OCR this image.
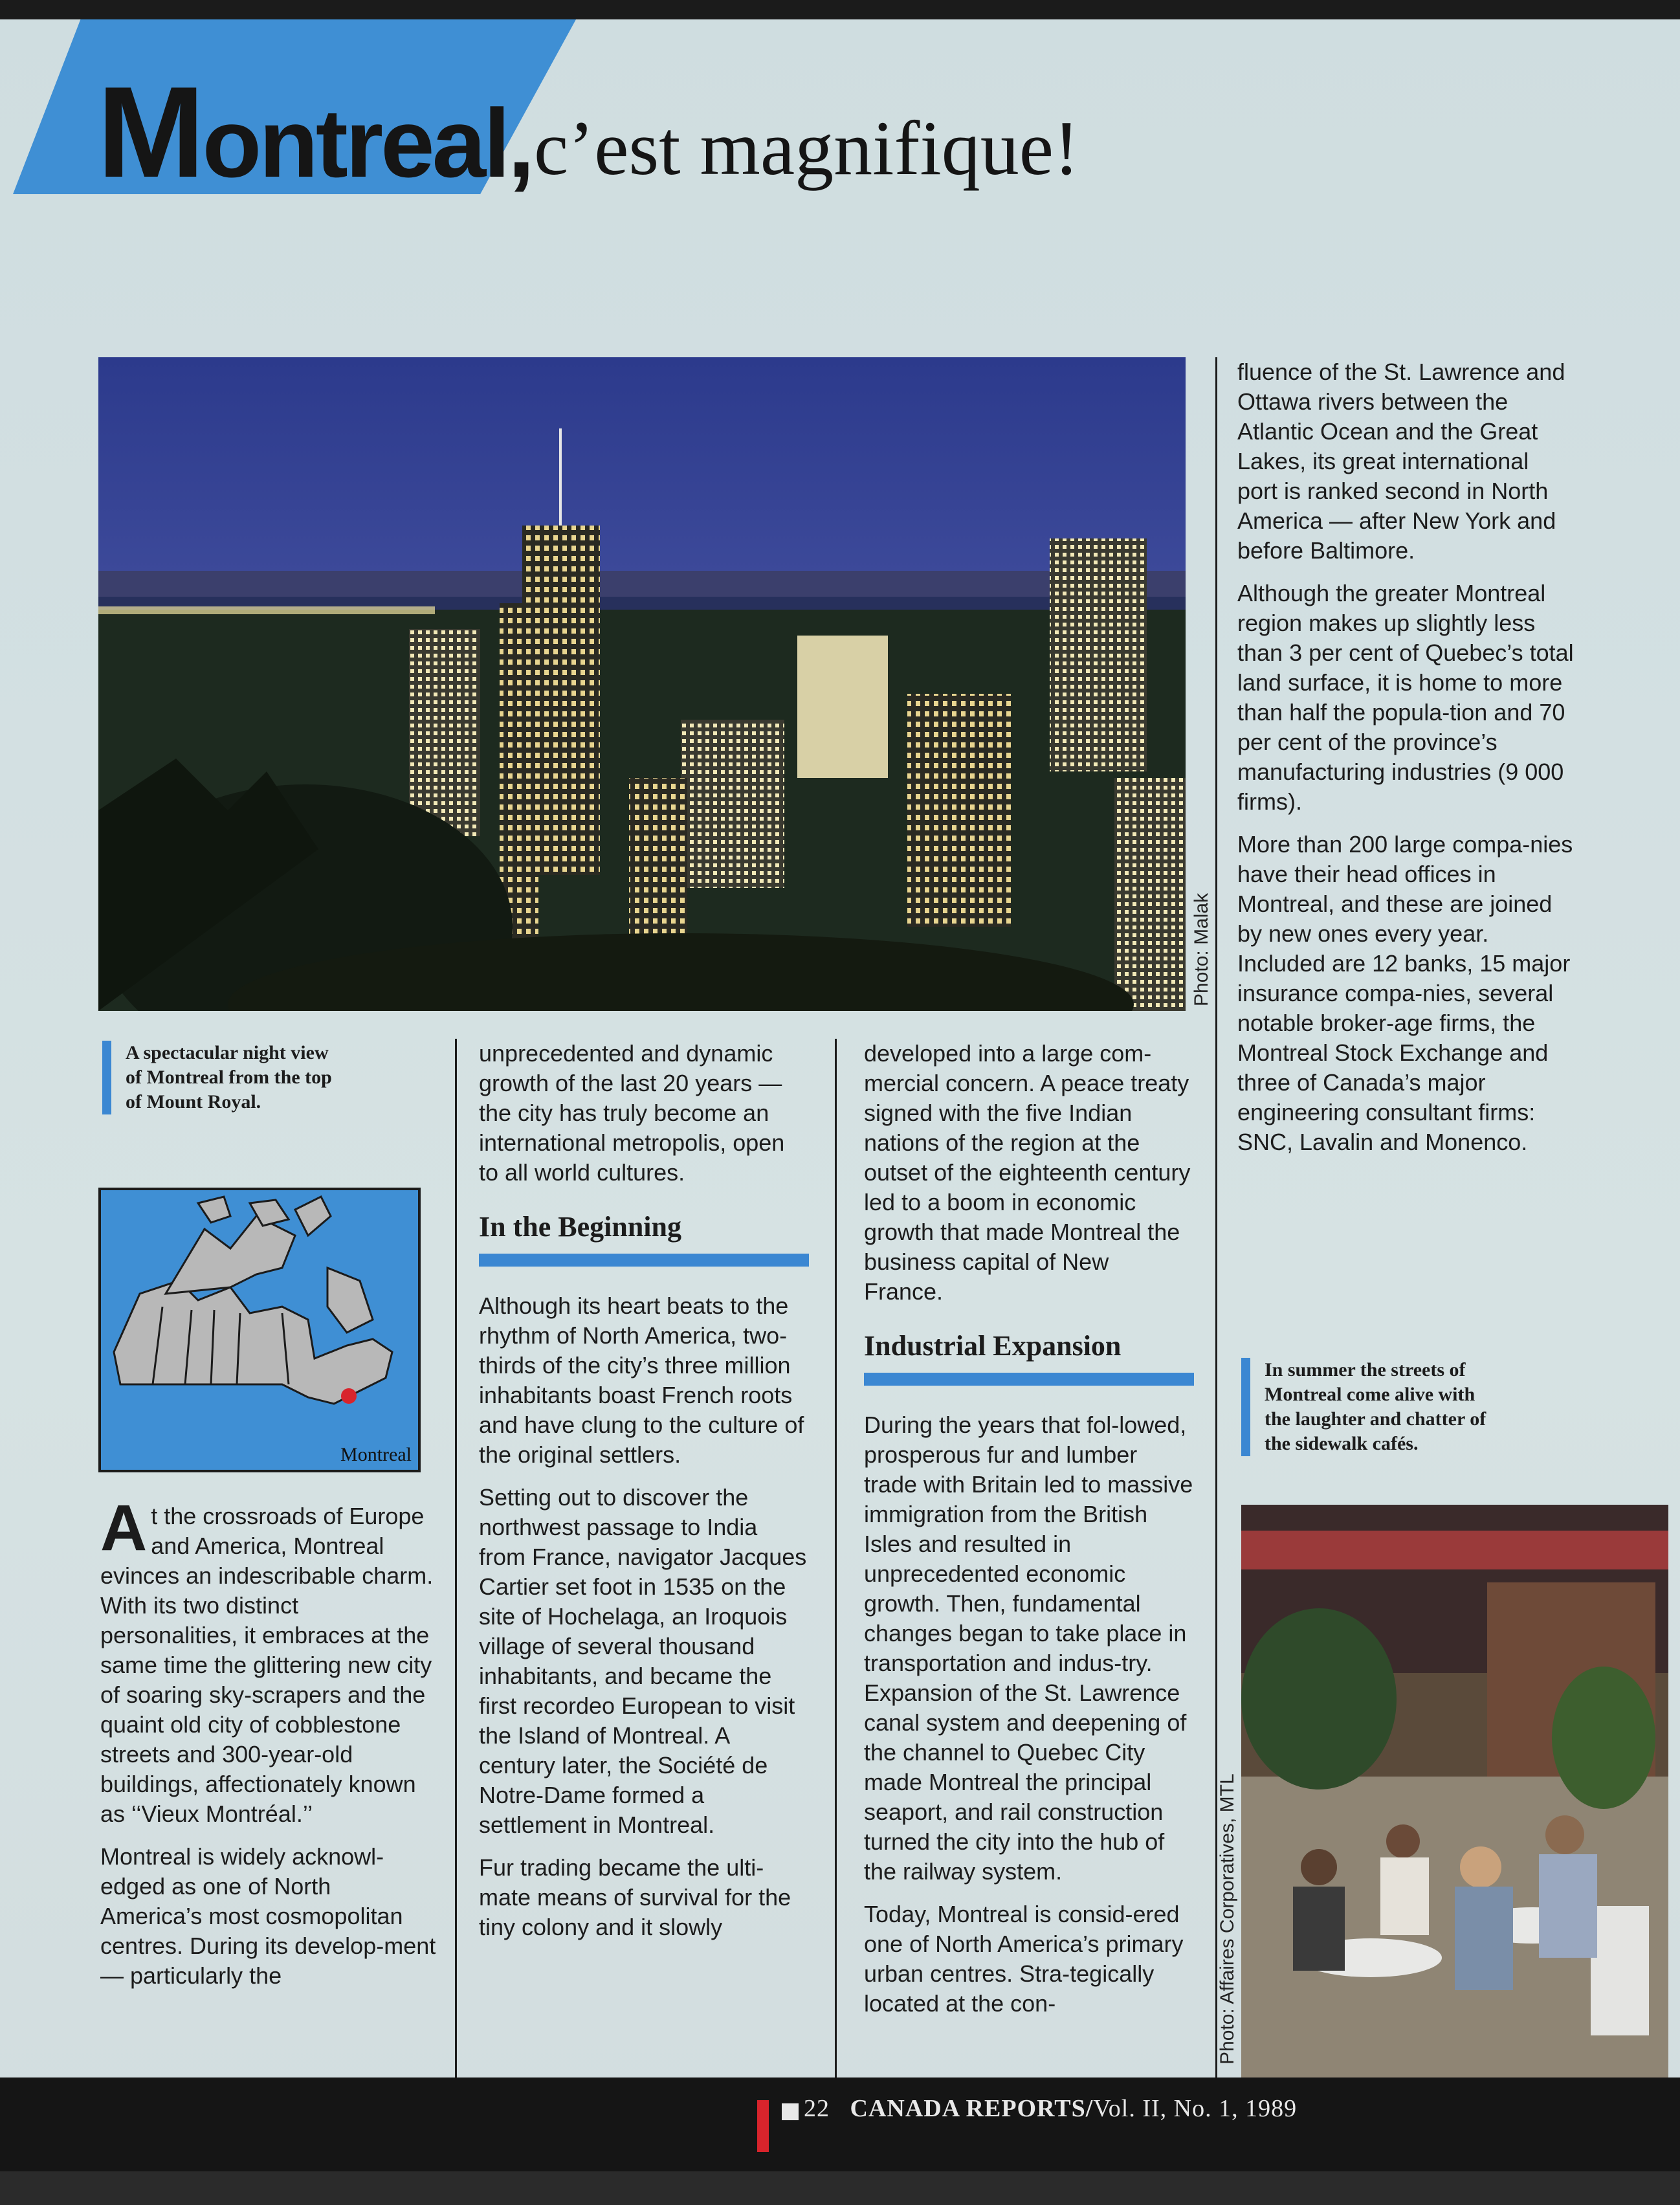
Montreal, c’est magnifique!
Photo: Malak
A spectacular night view of Montreal from the top of Mount Royal.
Montreal

At the crossroads of Europe and America, Montreal evinces an indescribable charm. With its two distinct personalities, it embraces at the same time the glittering new city of soaring sky-scrapers and the quaint old city of cobblestone streets and 300-year-old buildings, affectionately known as ‘‘Vieux Montréal.’’

Montreal is widely acknowl-edged as one of North America’s most cosmopolitan centres. During its develop-ment — particularly the

unprecedented and dynamic growth of the last 20 years — the city has truly become an international metropolis, open to all world cultures.

In the Beginning

Although its heart beats to the rhythm of North America, two-thirds of the city’s three million inhabitants boast French roots and have clung to the culture of the original settlers.

Setting out to discover the northwest passage to India from France, navigator Jacques Cartier set foot in 1535 on the site of Hochelaga, an Iroquois village of several thousand inhabitants, and became the first recordeo European to visit the Island of Montreal. A century later, the Société de Notre-Dame formed a settlement in Montreal.

Fur trading became the ulti-mate means of survival for the tiny colony and it slowly

developed into a large com-mercial concern. A peace treaty signed with the five Indian nations of the region at the outset of the eighteenth century led to a boom in economic growth that made Montreal the business capital of New France.

Industrial Expansion

During the years that fol-lowed, prosperous fur and lumber trade with Britain led to massive immigration from the British Isles and resulted in unprecedented economic growth. Then, fundamental changes began to take place in transportation and indus-try. Expansion of the St. Lawrence canal system and deepening of the channel to Quebec City made Montreal the principal seaport, and rail construction turned the city into the hub of the railway system.

Today, Montreal is consid-ered one of North America’s primary urban centres. Stra-tegically located at the con-

fluence of the St. Lawrence and Ottawa rivers between the Atlantic Ocean and the Great Lakes, its great international port is ranked second in North America — after New York and before Baltimore.

Although the greater Montreal region makes up slightly less than 3 per cent of Quebec’s total land surface, it is home to more than half the popula-tion and 70 per cent of the province’s manufacturing industries (9 000 firms).

More than 200 large compa-nies have their head offices in Montreal, and these are joined by new ones every year. Included are 12 banks, 15 major insurance compa-nies, several notable broker-age firms, the Montreal Stock Exchange and three of Canada’s major engineering consultant firms: SNC, Lavalin and Monenco.

In summer the streets of Montreal come alive with the laughter and chatter of the sidewalk cafés.
Photo: Affaires Corporatives, MTL
22 CANADA REPORTS/Vol. II, No. 1, 1989
